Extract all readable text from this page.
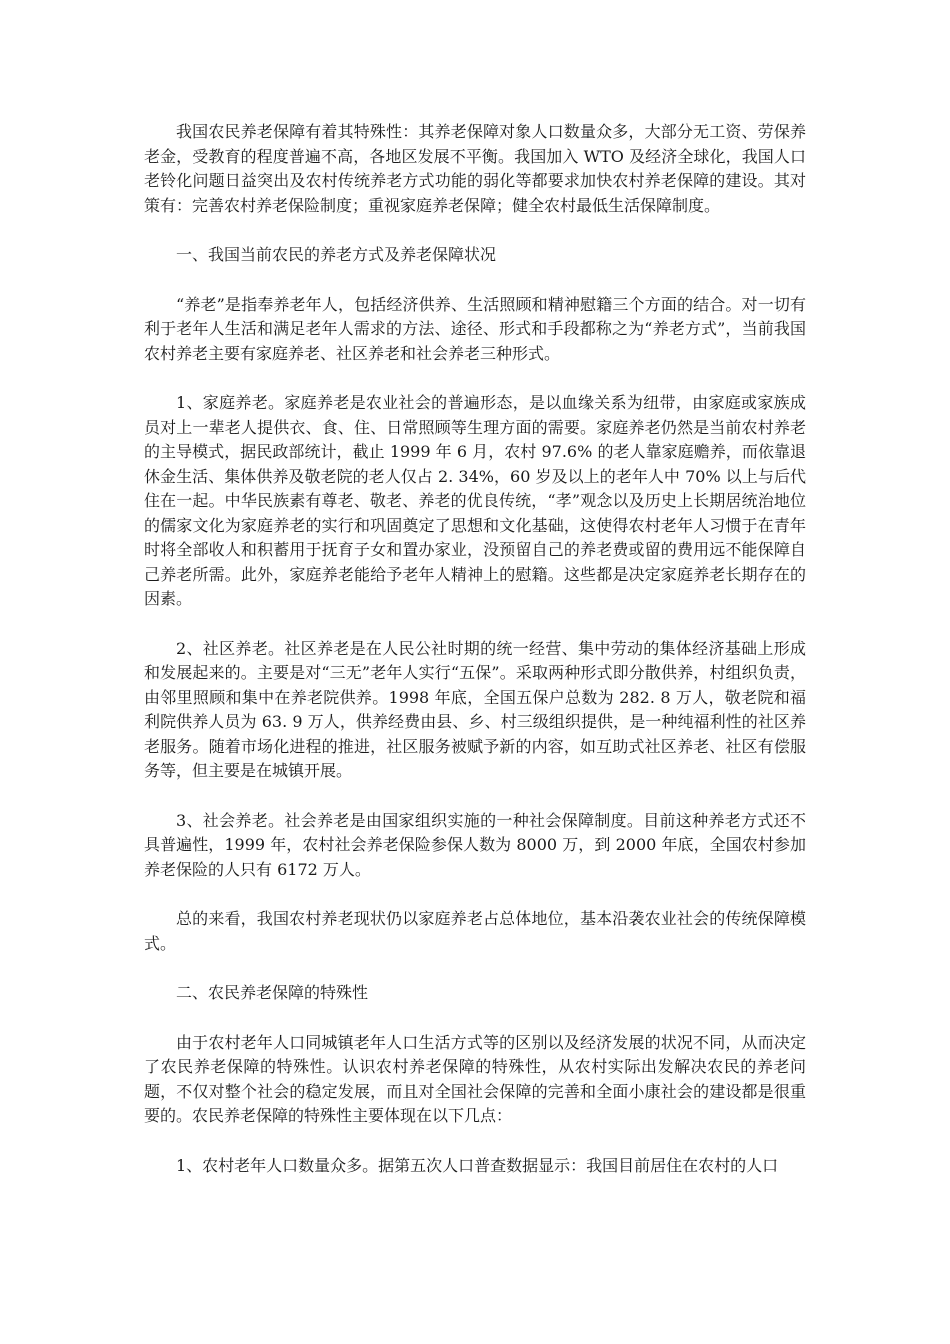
我国农民养老保障有着其特殊性：其养老保障对象人口数量众多，大部分无工资、劳保养老金，受教育的程度普遍不高，各地区发展不平衡。我国加入 WTO 及经济全球化，我国人口老铃化问题日益突出及农村传统养老方式功能的弱化等都要求加快农村养老保障的建设。其对策有：完善农村养老保险制度；重视家庭养老保障；健全农村最低生活保障制度。

一、我国当前农民的养老方式及养老保障状况

“养老”是指奉养老年人，包括经济供养、生活照顾和精神慰籍三个方面的结合。对一切有利于老年人生活和满足老年人需求的方法、途径、形式和手段都称之为“养老方式”，当前我国农村养老主要有家庭养老、社区养老和社会养老三种形式。

1、家庭养老。家庭养老是农业社会的普遍形态，是以血缘关系为纽带，由家庭或家族成员对上一辈老人提供衣、食、住、日常照顾等生理方面的需要。家庭养老仍然是当前农村养老的主导模式，据民政部统计，截止 1999 年 6 月，农村 97.6% 的老人靠家庭赡养，而依靠退休金生活、集体供养及敬老院的老人仅占 2. 34%，60 岁及以上的老年人中 70% 以上与后代住在一起。中华民族素有尊老、敬老、养老的优良传统，“孝”观念以及历史上长期居统治地位的儒家文化为家庭养老的实行和巩固奠定了思想和文化基础，这使得农村老年人习惯于在青年时将全部收人和积蓄用于抚育子女和置办家业，没预留自己的养老费或留的费用远不能保障自己养老所需。此外，家庭养老能给予老年人精神上的慰籍。这些都是决定家庭养老长期存在的因素。

2、社区养老。社区养老是在人民公社时期的统一经营、集中劳动的集体经济基础上形成和发展起来的。主要是对“三无”老年人实行“五保”。采取两种形式即分散供养，村组织负责，由邻里照顾和集中在养老院供养。1998 年底，全国五保户总数为 282. 8 万人，敬老院和福利院供养人员为 63. 9 万人，供养经费由县、乡、村三级组织提供，是一种纯福利性的社区养老服务。随着市场化进程的推进，社区服务被赋予新的内容，如互助式社区养老、社区有偿服务等，但主要是在城镇开展。

3、社会养老。社会养老是由国家组织实施的一种社会保障制度。目前这种养老方式还不具普遍性，1999 年，农村社会养老保险参保人数为 8000 万，到 2000 年底，全国农村参加养老保险的人只有 6172 万人。

总的来看，我国农村养老现状仍以家庭养老占总体地位，基本沿袭农业社会的传统保障模式。

二、农民养老保障的特殊性

由于农村老年人口同城镇老年人口生活方式等的区别以及经济发展的状况不同，从而决定了农民养老保障的特殊性。认识农村养老保障的特殊性，从农村实际出发解决农民的养老问题，不仅对整个社会的稳定发展，而且对全国社会保障的完善和全面小康社会的建设都是很重要的。农民养老保障的特殊性主要体现在以下几点：

1、农村老年人口数量众多。据第五次人口普查数据显示：我国目前居住在农村的人口
